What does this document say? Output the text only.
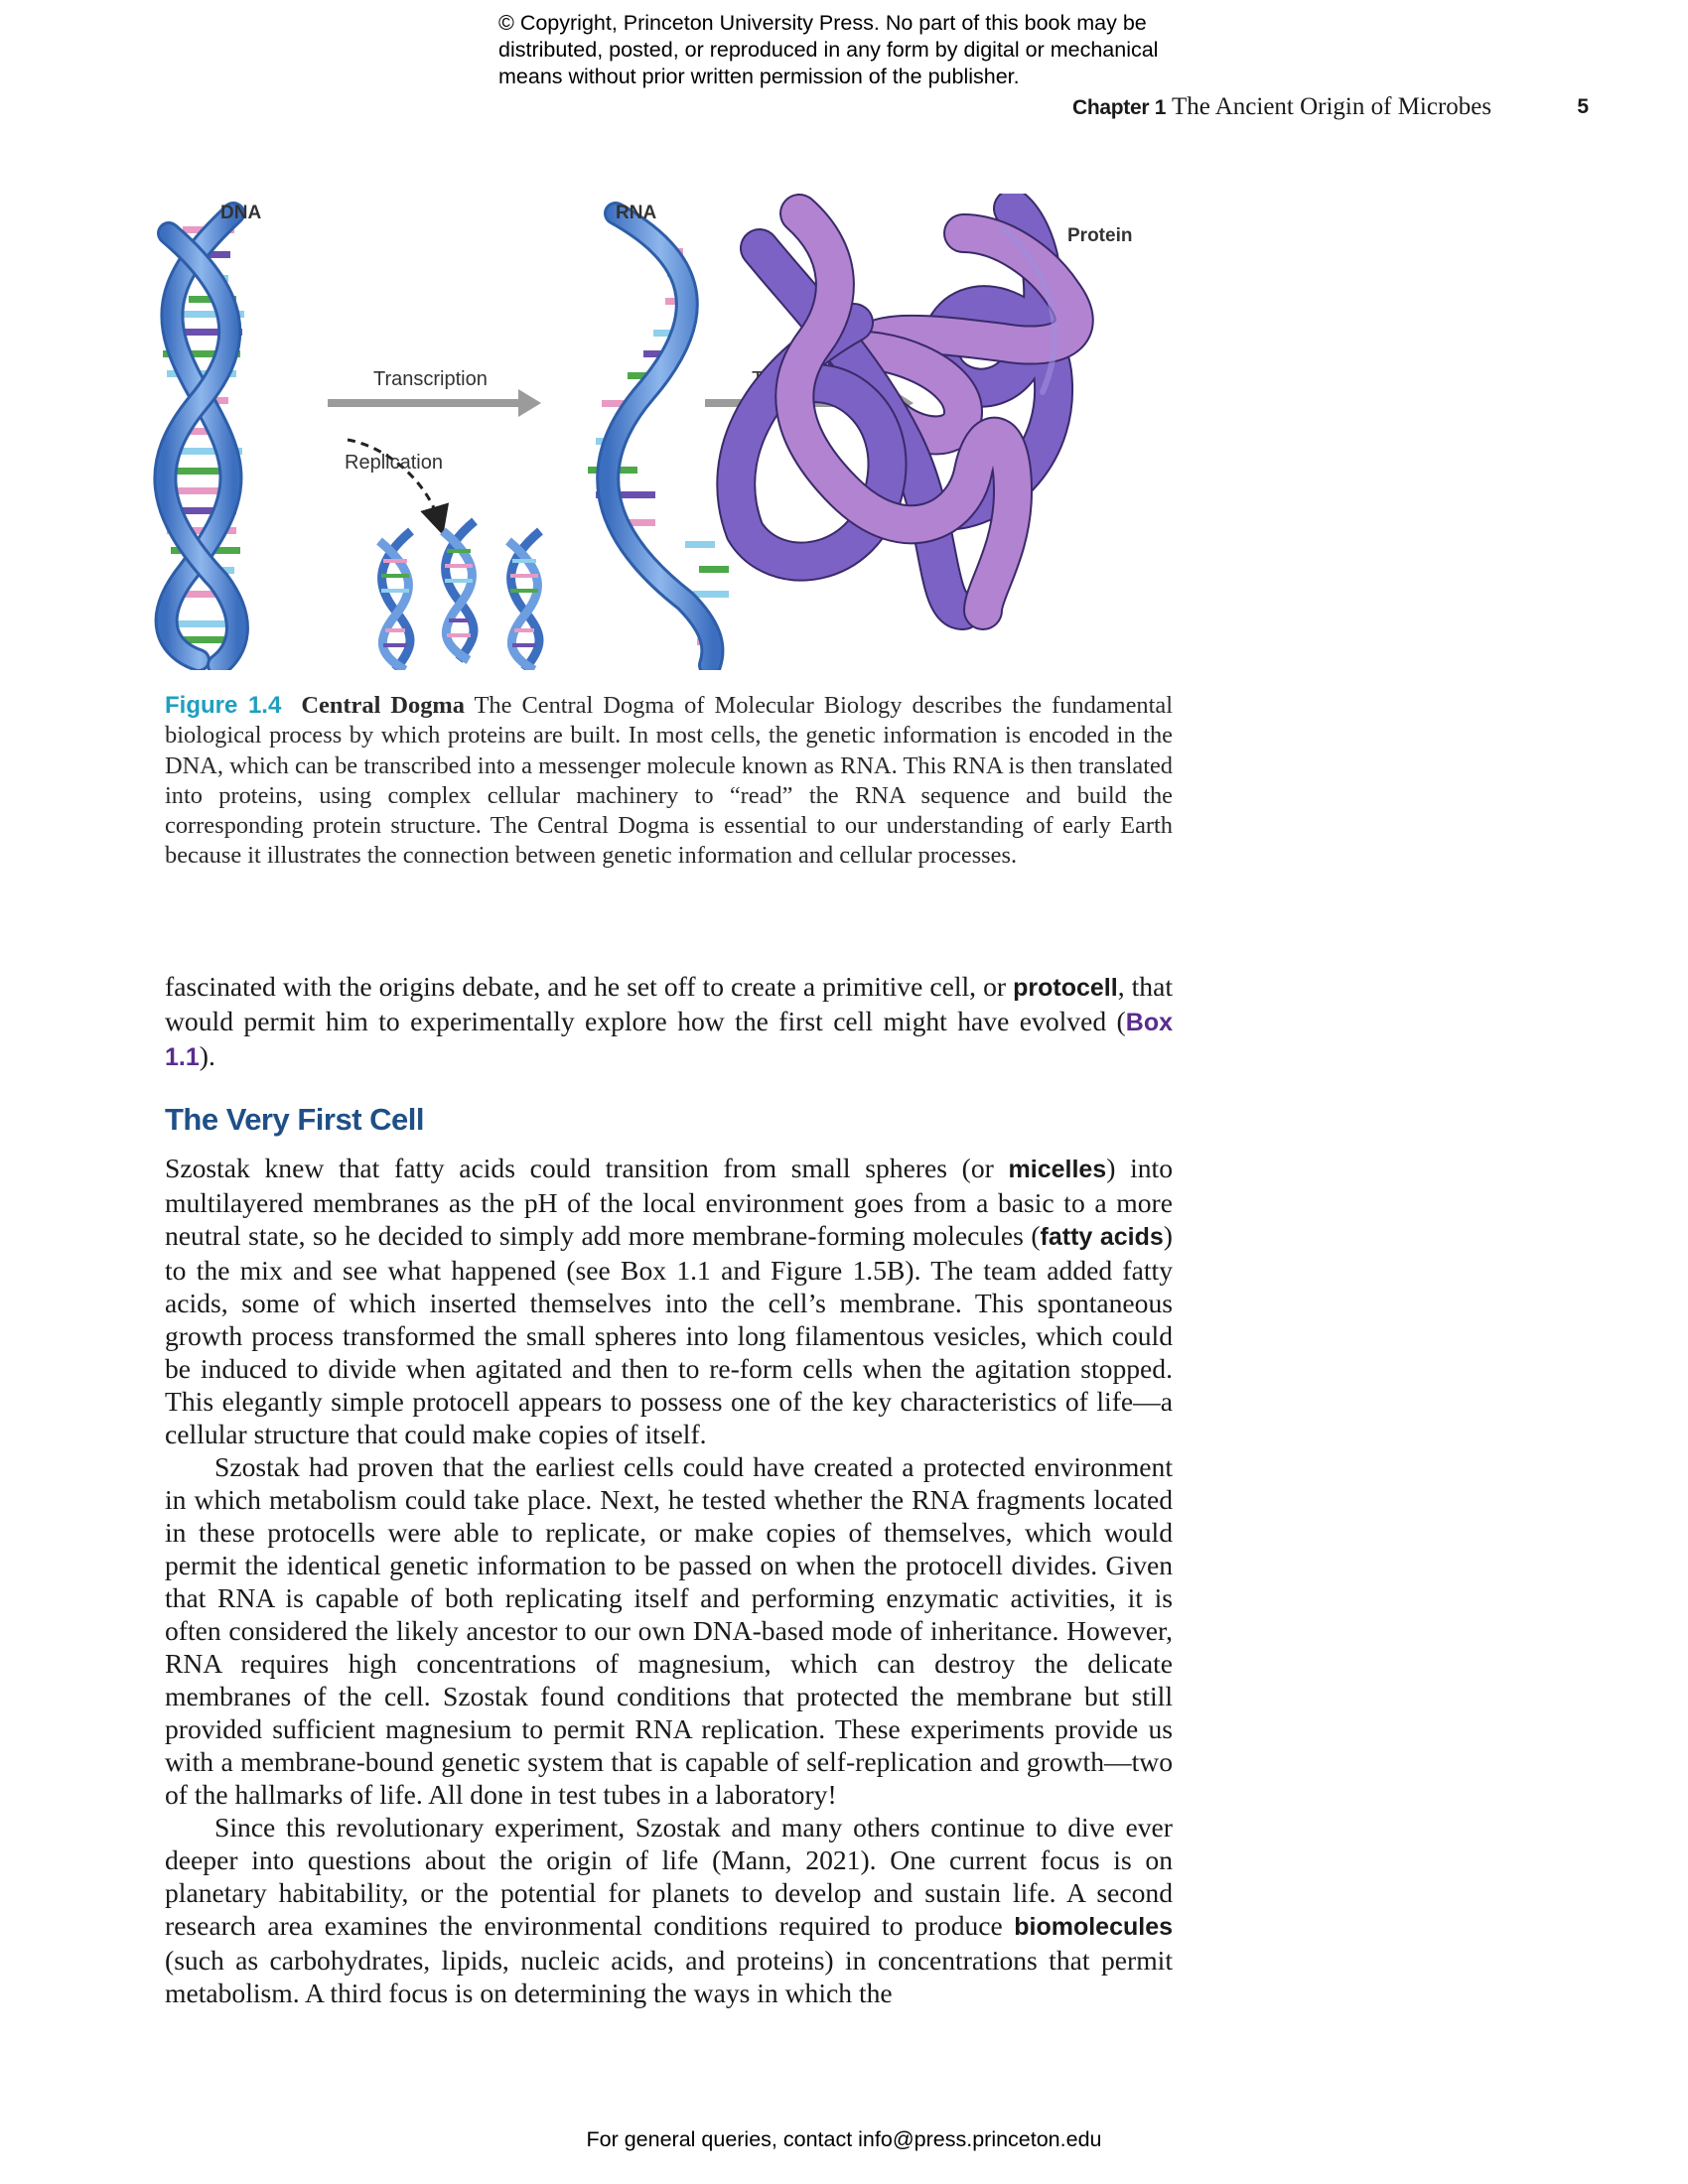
© Copyright, Princeton University Press. No part of this book may be
distributed, posted, or reproduced in any form by digital or mechanical
means without prior written permission of the publisher.
Chapter 1 The Ancient Origin of Microbes	5
DNA
Transcription
Replication
RNA
Translation
Protein
Figure 1.4 Central Dogma The Central Dogma of Molecular Biology describes the fundamental biological process by which proteins are built. In most cells, the genetic information is encoded in the DNA, which can be transcribed into a messenger molecule known as RNA. This RNA is then translated into proteins, using complex cellular machinery to “read” the RNA sequence and build the corresponding protein structure. The Central Dogma is essential to our understanding of early Earth because it illustrates the connection between genetic information and cellular processes.

fascinated with the origins debate, and he set off to create a primitive cell, or protocell, that would permit him to experimentally explore how the first cell might have evolved (Box 1.1).

The Very First Cell

Szostak knew that fatty acids could transition from small spheres (or micelles) into multilayered membranes as the pH of the local environment goes from a basic to a more neutral state, so he decided to simply add more membrane-forming molecules (fatty acids) to the mix and see what happened (see Box 1.1 and Figure 1.5B). The team added fatty acids, some of which inserted themselves into the cell’s membrane. This spontaneous growth process transformed the small spheres into long filamentous vesicles, which could be induced to divide when agitated and then to re-form cells when the agitation stopped. This elegantly simple protocell appears to possess one of the key characteristics of life—a cellular structure that could make copies of itself.

Szostak had proven that the earliest cells could have created a protected environment in which metabolism could take place. Next, he tested whether the RNA fragments located in these protocells were able to replicate, or make copies of themselves, which would permit the identical genetic information to be passed on when the protocell divides. Given that RNA is capable of both replicating itself and performing enzymatic activities, it is often considered the likely ancestor to our own DNA-based mode of inheritance. However, RNA requires high concentrations of magnesium, which can destroy the delicate membranes of the cell. Szostak found conditions that protected the membrane but still provided sufficient magnesium to permit RNA replication. These experiments provide us with a membrane-bound genetic system that is capable of self-replication and growth—two of the hallmarks of life. All done in test tubes in a laboratory!

Since this revolutionary experiment, Szostak and many others continue to dive ever deeper into questions about the origin of life (Mann, 2021). One current focus is on planetary habitability, or the potential for planets to develop and sustain life. A second research area examines the environmental conditions required to produce biomolecules (such as carbohydrates, lipids, nucleic acids, and proteins) in concentrations that permit metabolism. A third focus is on determining the ways in which the

For general queries, contact info@press.princeton.edu
